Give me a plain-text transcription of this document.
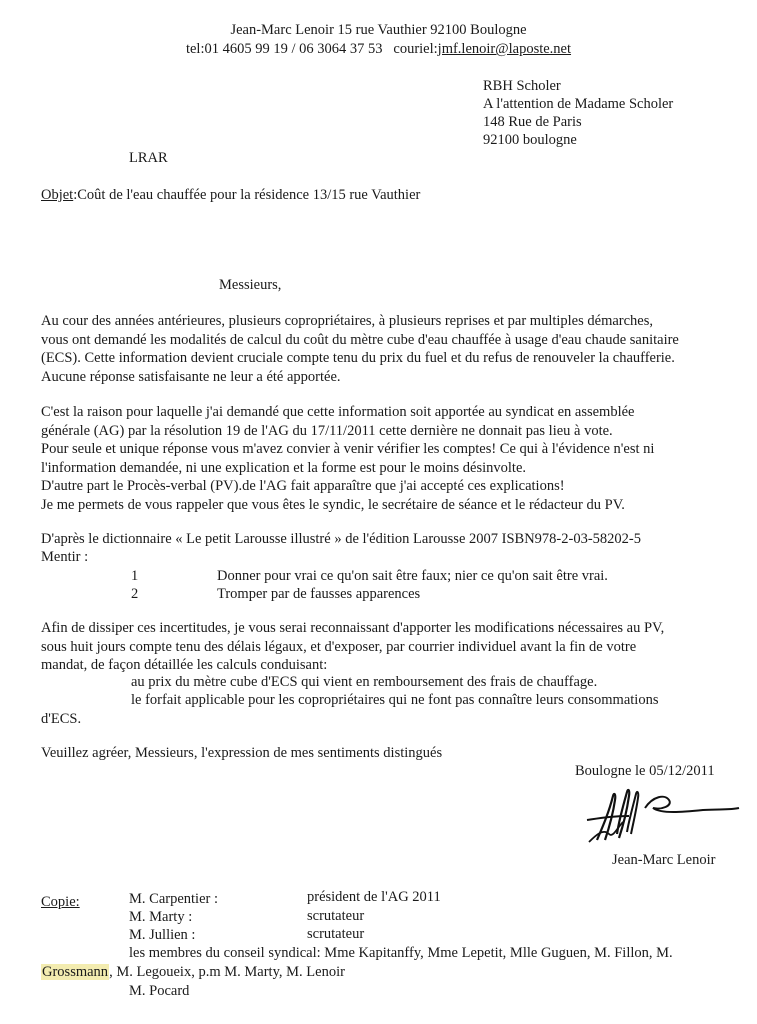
Jean-Marc Lenoir 15 rue Vauthier 92100 Boulogne
tel:01 4605 99 19 / 06 3064 37 53   couriel:jmf.lenoir@laposte.net
RBH Scholer
A l'attention de Madame Scholer
148 Rue de Paris
92100 boulogne
LRAR
Objet:Coût de l'eau chauffée pour la résidence 13/15 rue Vauthier
Messieurs,
Au cour des années antérieures, plusieurs copropriétaires, à plusieurs reprises et par multiples démarches,
vous ont demandé les modalités de calcul du coût du mètre cube d'eau chauffée à usage d'eau chaude sanitaire
(ECS). Cette information devient cruciale compte tenu du prix du fuel et du refus de renouveler la chaufferie.
Aucune réponse satisfaisante ne leur a été apportée.
C'est la raison pour laquelle j'ai demandé que cette information soit apportée au syndicat en assemblée
générale (AG) par la résolution 19 de l'AG du 17/11/2011 cette dernière ne donnait pas lieu à vote.
Pour seule et unique réponse vous m'avez convier à venir vérifier les comptes! Ce qui à l'évidence n'est ni
l'information demandée, ni une explication et la forme est pour le moins désinvolte.
D'autre part le Procès-verbal (PV).de l'AG fait apparaître que j'ai accepté ces explications!
Je me permets de vous rappeler que vous êtes le syndic, le secrétaire de séance et le rédacteur du PV.
D'après le dictionnaire « Le petit Larousse illustré » de l'édition Larousse 2007 ISBN978-2-03-58202-5
Mentir :
1	Donner pour vrai ce qu'on sait être faux; nier ce qu'on sait être vrai.
2	Tromper par de fausses apparences
Afin de dissiper ces incertitudes, je vous serai reconnaissant d'apporter les modifications nécessaires au PV,
sous huit jours compte tenu des délais légaux, et d'exposer, par courrier individuel avant la fin de votre
mandat, de façon détaillée les calculs conduisant:
au prix du mètre cube d'ECS qui vient en remboursement des frais de chauffage.
le forfait applicable pour les copropriétaires qui ne font pas connaître leurs consommations
d'ECS.
Veuillez agréer, Messieurs, l'expression de mes sentiments distingués
Boulogne le 05/12/2011
Jean-Marc Lenoir
Copie:	M. Carpentier :	président de l'AG 2011
M. Marty :	scrutateur
M. Jullien :	scrutateur
les membres du conseil syndical: Mme Kapitanffy, Mme Lepetit, Mlle Guguen, M. Fillon, M.
Grossmann, M. Legoueix, p.m M. Marty, M. Lenoir
M. Pocard
